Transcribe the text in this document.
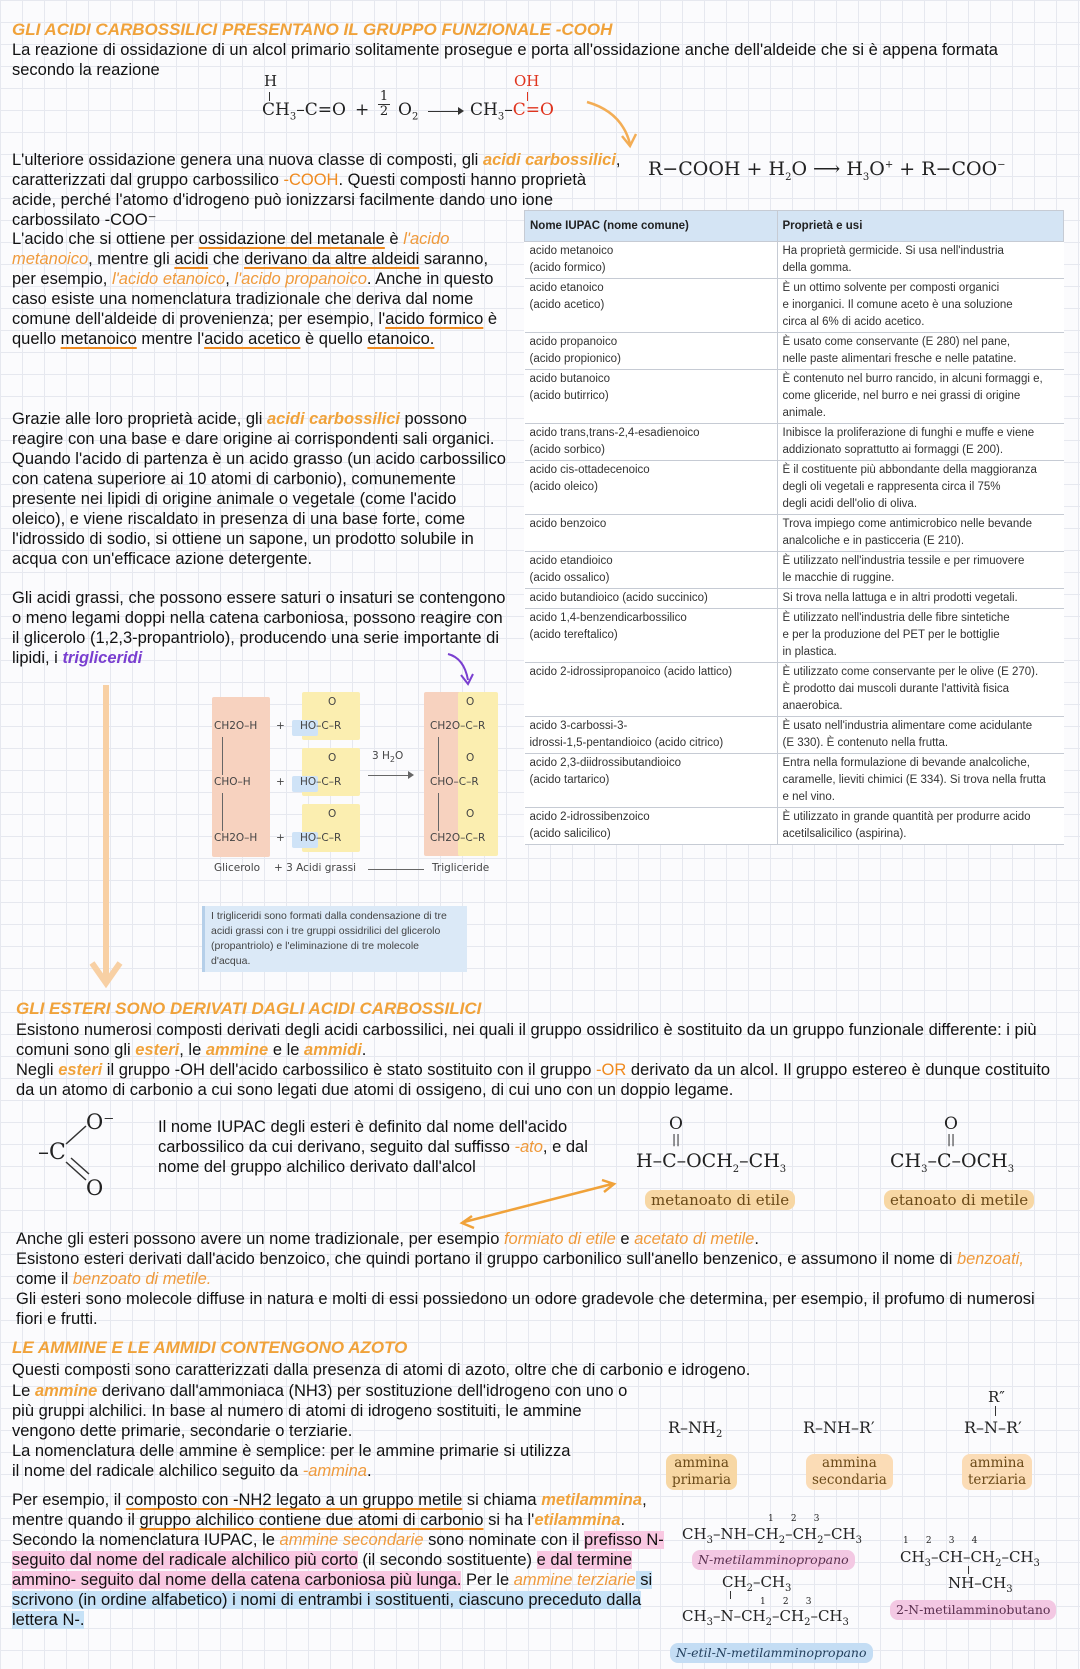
GLI ACIDI CARBOSSILICI PRESENTANO IL GRUPPO FUNZIONALE -COOH
La reazione di ossidazione di un alcol primario solitamente prosegue e porta all'ossidazione anche dell'aldeide che si è appena formata secondo la reazione
H
$CH_3-C=O$ +
1
2 $O_2$
OH
$CH_3-C=O$
L'ulteriore ossidazione genera una nuova classe di composti, gli acidi carbossilici, caratterizzati dal gruppo carbossilico -COOH. Questi composti hanno proprietà acide, perché l'atomo d'idrogeno può ionizzarsi facilmente dando uno ione carbossilato -COO⁻
R−COOH + $H_2O$ ⟶ $H_3O^+ + R-COO^-$
L'acido che si ottiene per ossidazione del metanale è l'acido metanoico, mentre gli acidi che derivano da altre aldeidi saranno, per esempio, l'acido etanoico, l'acido propanoico. Anche in questo caso esiste una nomenclatura tradizionale che deriva dal nome comune dell'aldeide di provenienza; per esempio, l'acido formico è quello metanoico mentre l'acido acetico è quello etanoico.
Grazie alle loro proprietà acide, gli acidi carbossilici possono reagire con una base e dare origine ai corrispondenti sali organici. Quando l'acido di partenza è un acido grasso (un acido carbossilico con catena superiore ai 10 atomi di carbonio), comunemente presente nei lipidi di origine animale o vegetale (come l'acido oleico), e viene riscaldato in presenza di una base forte, come l'idrossido di sodio, si ottiene un sapone, un prodotto solubile in acqua con un'efficace azione detergente.
Gli acidi grassi, che possono essere saturi o insaturi se contengono o meno legami doppi nella catena carboniosa, possono reagire con il glicerolo (1,2,3-propantriolo), producendo una serie importante di lipidi, i trigliceridi
Nome IUPAC (nome comune)	Proprietà e usi
acido metanoico
(acido formico)	Ha proprietà germicide. Si usa nell'industria
della gomma.
acido etanoico
(acido acetico)	È un ottimo solvente per composti organici
e inorganici. Il comune aceto è una soluzione
circa al 6% di acido acetico.
acido propanoico
(acido propionico)	È usato come conservante (E 280) nel pane,
nelle paste alimentari fresche e nelle patatine.
acido butanoico
(acido butirrico)	È contenuto nel burro rancido, in alcuni formaggi e,
come gliceride, nel burro e nei grassi di origine
animale.
acido trans,trans-2,4-esadienoico
(acido sorbico)	Inibisce la proliferazione di funghi e muffe e viene
addizionato soprattutto ai formaggi (E 200).
acido cis-ottadecenoico
(acido oleico)	È il costituente più abbondante della maggioranza
degli oli vegetali e rappresenta circa il 75%
degli acidi dell'olio di oliva.
acido benzoico	Trova impiego come antimicrobico nelle bevande
analcoliche e in pasticceria (E 210).
acido etandioico
(acido ossalico)	È utilizzato nell'industria tessile e per rimuovere
le macchie di ruggine.
acido butandioico (acido succinico)	Si trova nella lattuga e in altri prodotti vegetali.
acido 1,4-benzendicarbossilico
(acido tereftalico)	È utilizzato nell'industria delle fibre sintetiche
e per la produzione del PET per le bottiglie
in plastica.
acido 2-idrossipropanoico (acido lattico)	È utilizzato come conservante per le olive (E 270).
È prodotto dai muscoli durante l'attività fisica
anaerobica.
acido 3-carbossi-3-
idrossi-1,5-pentandioico (acido citrico)	È usato nell'industria alimentare come acidulante
(E 330). È contenuto nella frutta.
acido 2,3-diidrossibutandioico
(acido tartarico)	Entra nella formulazione di bevande analcoliche,
caramelle, lieviti chimici (E 334). Si trova nella frutta
e nel vino.
acido 2-idrossibenzoico
(acido salicilico)	È utilizzato in grande quantità per produrre acido
acetilsalicilico (aspirina).
CH2O–H
CHO–H
CH2O–H
+
+
+
O
O
O
HO–C–R
HO–C–R
HO–C–R
3 $H_2O$
O
O
O
CH2O–C–R
CHO–C–R
CH2O–C–R
Glicerolo + 3 Acidi grassi	Trigliceride
I trigliceridi sono formati dalla condensazione di tre acidi grassi con i tre gruppi ossidrilici del glicerolo (propantriolo) e l'eliminazione di tre molecole d'acqua.
GLI ESTERI SONO DERIVATI DAGLI ACIDI CARBOSSILICI
Esistono numerosi composti derivati degli acidi carbossilici, nei quali il gruppo ossidrilico è sostituito da un gruppo funzionale differente: i più comuni sono gli esteri, le ammine e le ammidi.
Negli esteri il gruppo -OH dell'acido carbossilico è stato sostituito con il gruppo -OR derivato da un alcol. Il gruppo estereo è dunque costituito da un atomo di carbonio a cui sono legati due atomi di ossigeno, di cui uno con un doppio legame.
O⁻
–C
O
Il nome IUPAC degli esteri è definito dal nome dell'acido carbossilico da cui derivano, seguito dal suffisso -ato, e dal nome del gruppo alchilico derivato dall'alcol
O
||
$H-C-OCH_2-CH_3$
metanoato di etile
O
||
$CH_3-C-OCH_3$
etanoato di metile
Anche gli esteri possono avere un nome tradizionale, per esempio formiato di etile e acetato di metile.
Esistono esteri derivati dall'acido benzoico, che quindi portano il gruppo carbonilico sull'anello benzenico, e assumono il nome di benzoati, come il benzoato di metile.
Gli esteri sono molecole diffuse in natura e molti di essi possiedono un odore gradevole che determina, per esempio, il profumo di numerosi fiori e frutti.
LE AMMINE E LE AMMIDI CONTENGONO AZOTO
Questi composti sono caratterizzati dalla presenza di atomi di azoto, oltre che di carbonio e idrogeno.
Le ammine derivano dall'ammoniaca (NH3) per sostituzione dell'idrogeno con uno o più gruppi alchilici. In base al numero di atomi di idrogeno sostituiti, le ammine vengono dette primarie, secondarie o terziarie.
La nomenclatura delle ammine è semplice: per le ammine primarie si utilizza il nome del radicale alchilico seguito da -ammina.
Per esempio, il composto con -NH2 legato a un gruppo metile si chiama metilammina, mentre quando il gruppo alchilico contiene due atomi di carbonio si ha l'etilammina. Secondo la nomenclatura IUPAC, le ammine secondarie sono nominate con il prefisso N- seguito dal nome del radicale alchilico più corto (il secondo sostituente) e dal termine ammino- seguito dal nome della catena carboniosa più lunga. Per le ammine terziarie si scrivono (in ordine alfabetico) i nomi di entrambi i sostituenti, ciascuno preceduto dalla lettera N-.
$R-NH_2$
ammina
primaria
R–NH–R′
ammina
secondaria
R″
R–N–R′
ammina
terziaria
1      2      3
$CH_3-NH-CH_2-CH_2-CH_3$
N-metilamminopropano
1      2      3      4
$CH_3-CH-CH_2-CH_3$
$NH-CH_3$
2-N-metilamminobutano
$CH_2-CH_3$
1      2      3
$CH_3-N-CH_2-CH_2-CH_3$
N-etil-N-metilamminopropano
